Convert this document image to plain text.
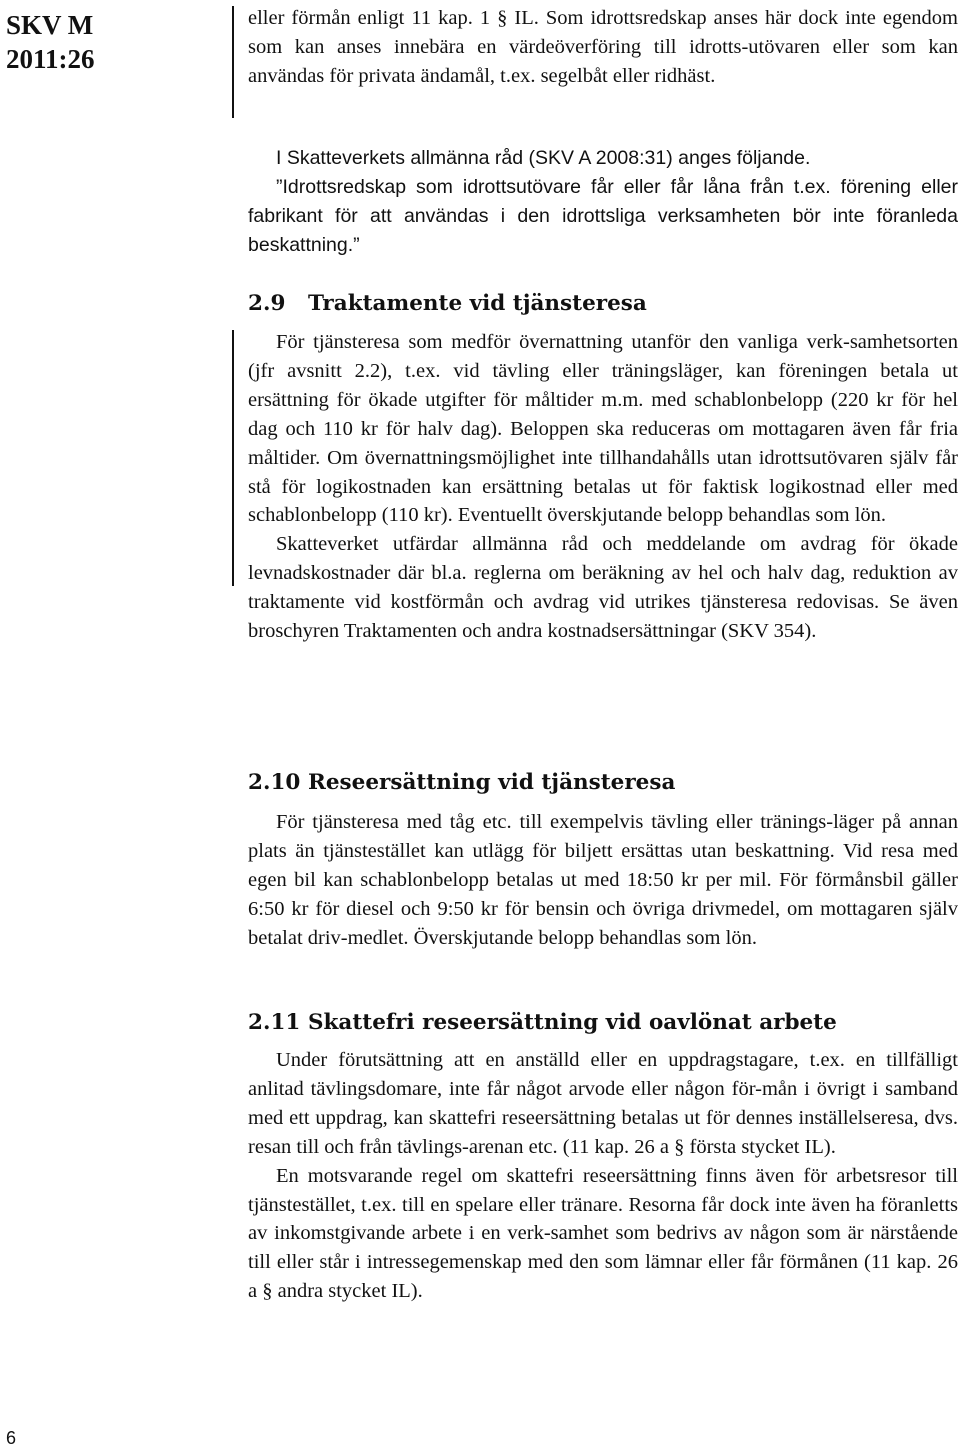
SKV M
2011:26

eller förmån enligt 11 kap. 1 § IL. Som idrottsredskap anses här dock inte egendom som kan anses innebära en värdeöverföring till idrotts-utövaren eller som kan användas för privata ändamål, t.ex. segelbåt eller ridhäst.

I Skatteverkets allmänna råd (SKV A 2008:31) anges följande.

”Idrottsredskap som idrottsutövare får eller får låna från t.ex. förening eller fabrikant för att användas i den idrottsliga verksamheten bör inte föranleda beskattning.”

2.9 Traktamente vid tjänsteresa

För tjänsteresa som medför övernattning utanför den vanliga verk-samhetsorten (jfr avsnitt 2.2), t.ex. vid tävling eller träningsläger, kan föreningen betala ut ersättning för ökade utgifter för måltider m.m. med schablonbelopp (220 kr för hel dag och 110 kr för halv dag). Beloppen ska reduceras om mottagaren även får fria måltider. Om övernattningsmöjlighet inte tillhandahålls utan idrottsutövaren själv får stå för logikostnaden kan ersättning betalas ut för faktisk logikostnad eller med schablonbelopp (110 kr). Eventuellt överskjutande belopp behandlas som lön.

Skatteverket utfärdar allmänna råd och meddelande om avdrag för ökade levnadskostnader där bl.a. reglerna om beräkning av hel och halv dag, reduktion av traktamente vid kostförmån och avdrag vid utrikes tjänsteresa redovisas. Se även broschyren Traktamenten och andra kostnadsersättningar (SKV 354).

2.10 Reseersättning vid tjänsteresa

För tjänsteresa med tåg etc. till exempelvis tävling eller tränings-läger på annan plats än tjänstestället kan utlägg för biljett ersättas utan beskattning. Vid resa med egen bil kan schablonbelopp betalas ut med 18:50 kr per mil. För förmånsbil gäller 6:50 kr för diesel och 9:50 kr för bensin och övriga drivmedel, om mottagaren själv betalat driv-medlet. Överskjutande belopp behandlas som lön.

2.11 Skattefri reseersättning vid oavlönat arbete

Under förutsättning att en anställd eller en uppdragstagare, t.ex. en tillfälligt anlitad tävlingsdomare, inte får något arvode eller någon för-mån i övrigt i samband med ett uppdrag, kan skattefri reseersättning betalas ut för dennes inställelseresa, dvs. resan till och från tävlings-arenan etc. (11 kap. 26 a § första stycket IL).

En motsvarande regel om skattefri reseersättning finns även för arbetsresor till tjänstestället, t.ex. till en spelare eller tränare. Resorna får dock inte även ha föranletts av inkomstgivande arbete i en verk-samhet som bedrivs av någon som är närstående till eller står i intressegemenskap med den som lämnar eller får förmånen (11 kap. 26 a § andra stycket IL).

6
